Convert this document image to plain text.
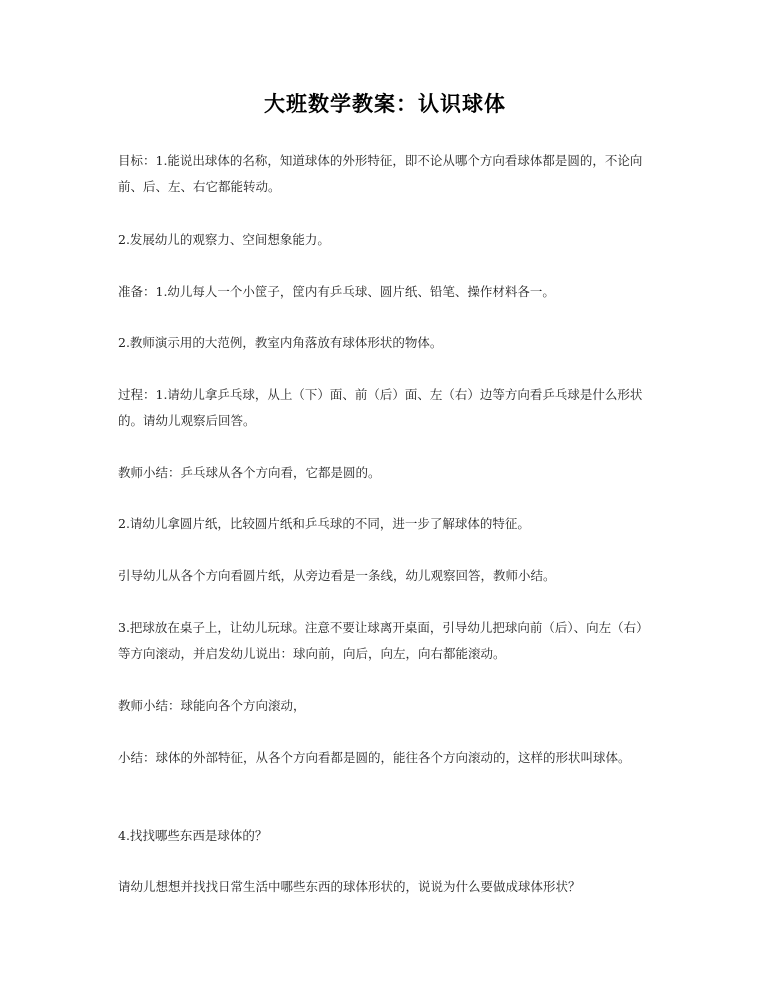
大班数学教案：认识球体

目标：1.能说出球体的名称，知道球体的外形特征，即不论从哪个方向看球体都是圆的，不论向前、后、左、右它都能转动。

2.发展幼儿的观察力、空间想象能力。

准备：1.幼儿每人一个小筐子，筐内有乒乓球、圆片纸、铅笔、操作材料各一。

2.教师演示用的大范例，教室内角落放有球体形状的物体。

过程：1.请幼儿拿乒乓球，从上（下）面、前（后）面、左（右）边等方向看乒乓球是什么形状的。请幼儿观察后回答。

教师小结：乒乓球从各个方向看，它都是圆的。

2.请幼儿拿圆片纸，比较圆片纸和乒乓球的不同，进一步了解球体的特征。

引导幼儿从各个方向看圆片纸，从旁边看是一条线，幼儿观察回答，教师小结。

3.把球放在桌子上，让幼儿玩球。注意不要让球离开桌面，引导幼儿把球向前（后）、向左（右）等方向滚动，并启发幼儿说出：球向前，向后，向左，向右都能滚动。

教师小结：球能向各个方向滚动，

小结：球体的外部特征，从各个方向看都是圆的，能往各个方向滚动的，这样的形状叫球体。

4.找找哪些东西是球体的？

请幼儿想想并找找日常生活中哪些东西的球体形状的，说说为什么要做成球体形状？
